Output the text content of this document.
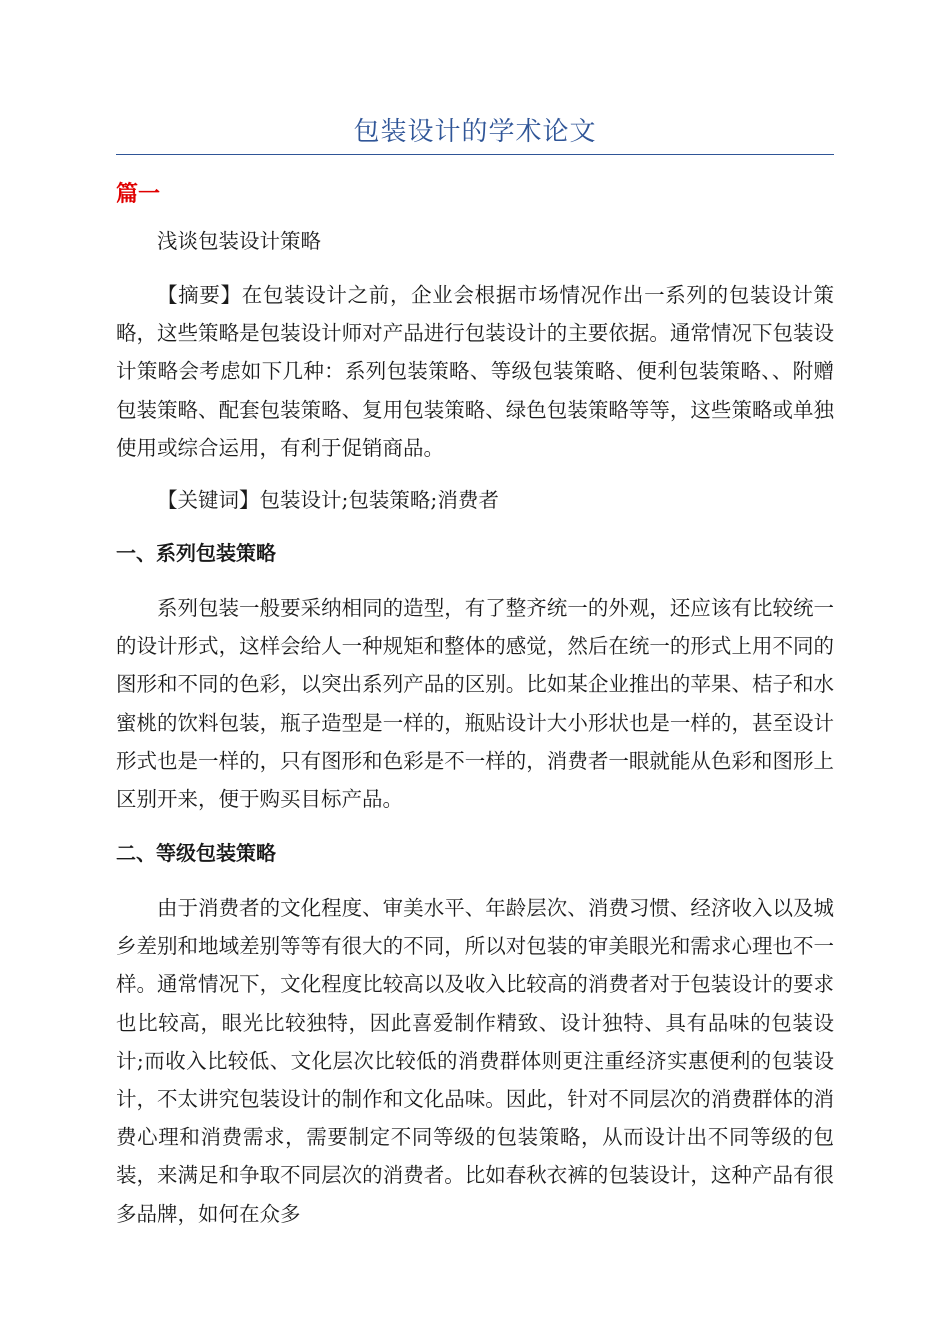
包装设计的学术论文
篇一

浅谈包装设计策略

【摘要】在包装设计之前，企业会根据市场情况作出一系列的包装设计策略，这些策略是包装设计师对产品进行包装设计的主要依据。通常情况下包装设计策略会考虑如下几种：系列包装策略、等级包装策略、便利包装策略、、附赠包装策略、配套包装策略、复用包装策略、绿色包装策略等等，这些策略或单独使用或综合运用，有利于促销商品。

【关键词】包装设计;包装策略;消费者

一、系列包装策略

系列包装一般要采纳相同的造型，有了整齐统一的外观，还应该有比较统一的设计形式，这样会给人一种规矩和整体的感觉，然后在统一的形式上用不同的图形和不同的色彩，以突出系列产品的区别。比如某企业推出的苹果、桔子和水蜜桃的饮料包装，瓶子造型是一样的，瓶贴设计大小形状也是一样的，甚至设计形式也是一样的，只有图形和色彩是不一样的，消费者一眼就能从色彩和图形上区别开来，便于购买目标产品。

二、等级包装策略

由于消费者的文化程度、审美水平、年龄层次、消费习惯、经济收入以及城乡差别和地域差别等等有很大的不同，所以对包装的审美眼光和需求心理也不一样。通常情况下，文化程度比较高以及收入比较高的消费者对于包装设计的要求也比较高，眼光比较独特，因此喜爱制作精致、设计独特、具有品味的包装设计;而收入比较低、文化层次比较低的消费群体则更注重经济实惠便利的包装设计，不太讲究包装设计的制作和文化品味。因此，针对不同层次的消费群体的消费心理和消费需求，需要制定不同等级的包装策略，从而设计出不同等级的包装，来满足和争取不同层次的消费者。比如春秋衣裤的包装设计，这种产品有很多品牌，如何在众多
